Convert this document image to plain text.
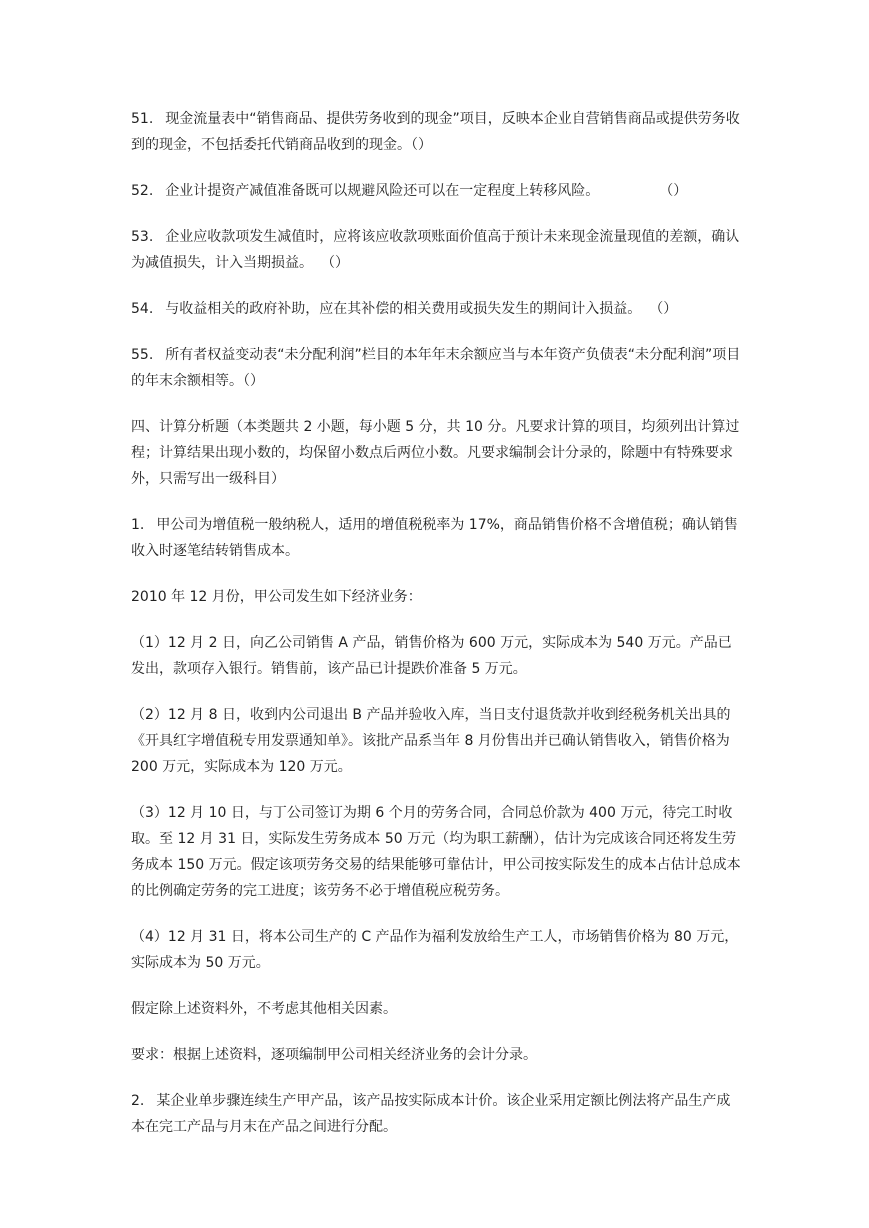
51. 现金流量表中“销售商品、提供劳务收到的现金”项目，反映本企业自营销售商品或提供劳务收到的现金，不包括委托代销商品收到的现金。（）

52. 企业计提资产减值准备既可以规避风险还可以在一定程度上转移风险。	（）

53. 企业应收款项发生减值时，应将该应收款项账面价值高于预计未来现金流量现值的差额，确认为减值损失，计入当期损益。 （）

54. 与收益相关的政府补助，应在其补偿的相关费用或损失发生的期间计入损益。 （）

55. 所有者权益变动表“未分配利润”栏目的本年年末余额应当与本年资产负债表“未分配利润”项目的年末余额相等。（）

四、计算分析题（本类题共 2 小题，每小题 5 分，共 10 分。凡要求计算的项目，均须列出计算过程；计算结果出现小数的，均保留小数点后两位小数。凡要求编制会计分录的，除题中有特殊要求外，只需写出一级科目）

1. 甲公司为增值税一般纳税人，适用的增值税税率为 17%，商品销售价格不含增值税；确认销售收入时逐笔结转销售成本。

2010 年 12 月份，甲公司发生如下经济业务：

（1）12 月 2 日，向乙公司销售 A 产品，销售价格为 600 万元，实际成本为 540 万元。产品已发出，款项存入银行。销售前，该产品已计提跌价准备 5 万元。

（2）12 月 8 日，收到内公司退出 B 产品并验收入库，当日支付退货款并收到经税务机关出具的《开具红字增值税专用发票通知单》。该批产品系当年 8 月份售出并已确认销售收入，销售价格为 200 万元，实际成本为 120 万元。

（3）12 月 10 日，与丁公司签订为期 6 个月的劳务合同，合同总价款为 400 万元，待完工时收取。至 12 月 31 日，实际发生劳务成本 50 万元（均为职工薪酬），估计为完成该合同还将发生劳务成本 150 万元。假定该项劳务交易的结果能够可靠估计，甲公司按实际发生的成本占估计总成本的比例确定劳务的完工进度；该劳务不必于增值税应税劳务。

（4）12 月 31 日，将本公司生产的 C 产品作为福利发放给生产工人，市场销售价格为 80 万元，实际成本为 50 万元。

假定除上述资料外，不考虑其他相关因素。

要求：根据上述资料，逐项编制甲公司相关经济业务的会计分录。

2. 某企业单步骤连续生产甲产品，该产品按实际成本计价。该企业采用定额比例法将产品生产成本在完工产品与月末在产品之间进行分配。
